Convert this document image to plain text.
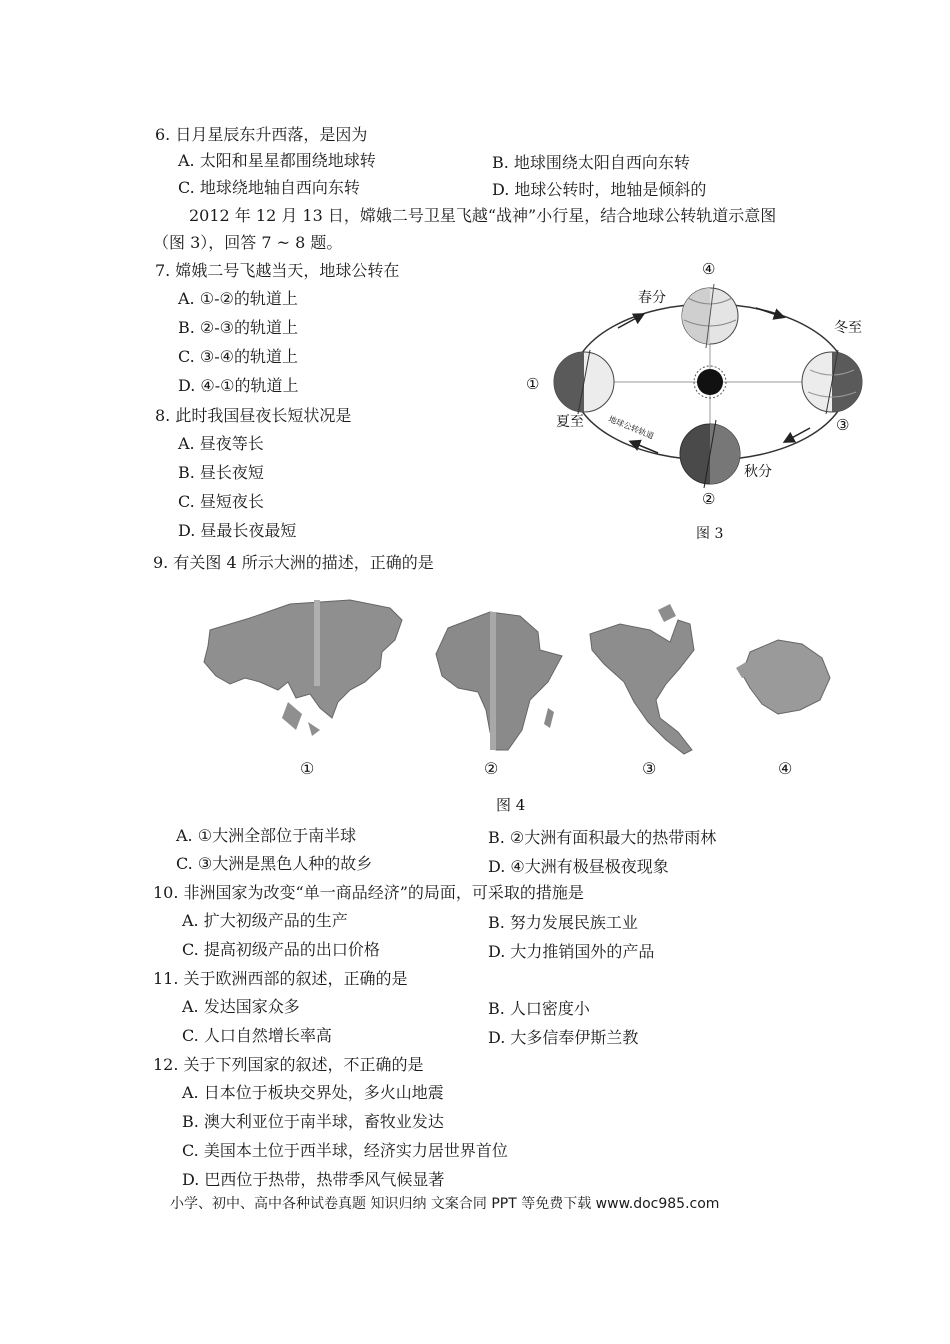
6. 日月星辰东升西落，是因为
A. 太阳和星星都围绕地球转	B. 地球围绕太阳自西向东转
C. 地球绕地轴自西向东转	D. 地球公转时，地轴是倾斜的
2012 年 12 月 13 日，嫦娥二号卫星飞越“战神”小行星，结合地球公转轨道示意图
（图 3），回答 7 ~ 8 题。
7. 嫦娥二号飞越当天，地球公转在
A. ①-②的轨道上
B. ②-③的轨道上
C. ③-④的轨道上
D. ④-①的轨道上
8. 此时我国昼夜长短状况是
A. 昼夜等长
B. 昼长夜短
C. 昼短夜长
D. 昼最长夜最短
④
春分
冬至
①
③
夏至
秋分
②
地球公转轨道
图 3
9. 有关图 4 所示大洲的描述，正确的是
①	②	③	④
图 4
A. ①大洲全部位于南半球	B. ②大洲有面积最大的热带雨林
C. ③大洲是黑色人种的故乡	D. ④大洲有极昼极夜现象
10. 非洲国家为改变“单一商品经济”的局面，可采取的措施是
A. 扩大初级产品的生产	B. 努力发展民族工业
C. 提高初级产品的出口价格	D. 大力推销国外的产品
11. 关于欧洲西部的叙述，正确的是
A. 发达国家众多	B. 人口密度小
C. 人口自然增长率高	D. 大多信奉伊斯兰教
12. 关于下列国家的叙述，不正确的是
A. 日本位于板块交界处，多火山地震
B. 澳大利亚位于南半球，畜牧业发达
C. 美国本土位于西半球，经济实力居世界首位
D. 巴西位于热带，热带季风气候显著
小学、初中、高中各种试卷真题 知识归纳 文案合同 PPT 等免费下载 www.doc985.com
